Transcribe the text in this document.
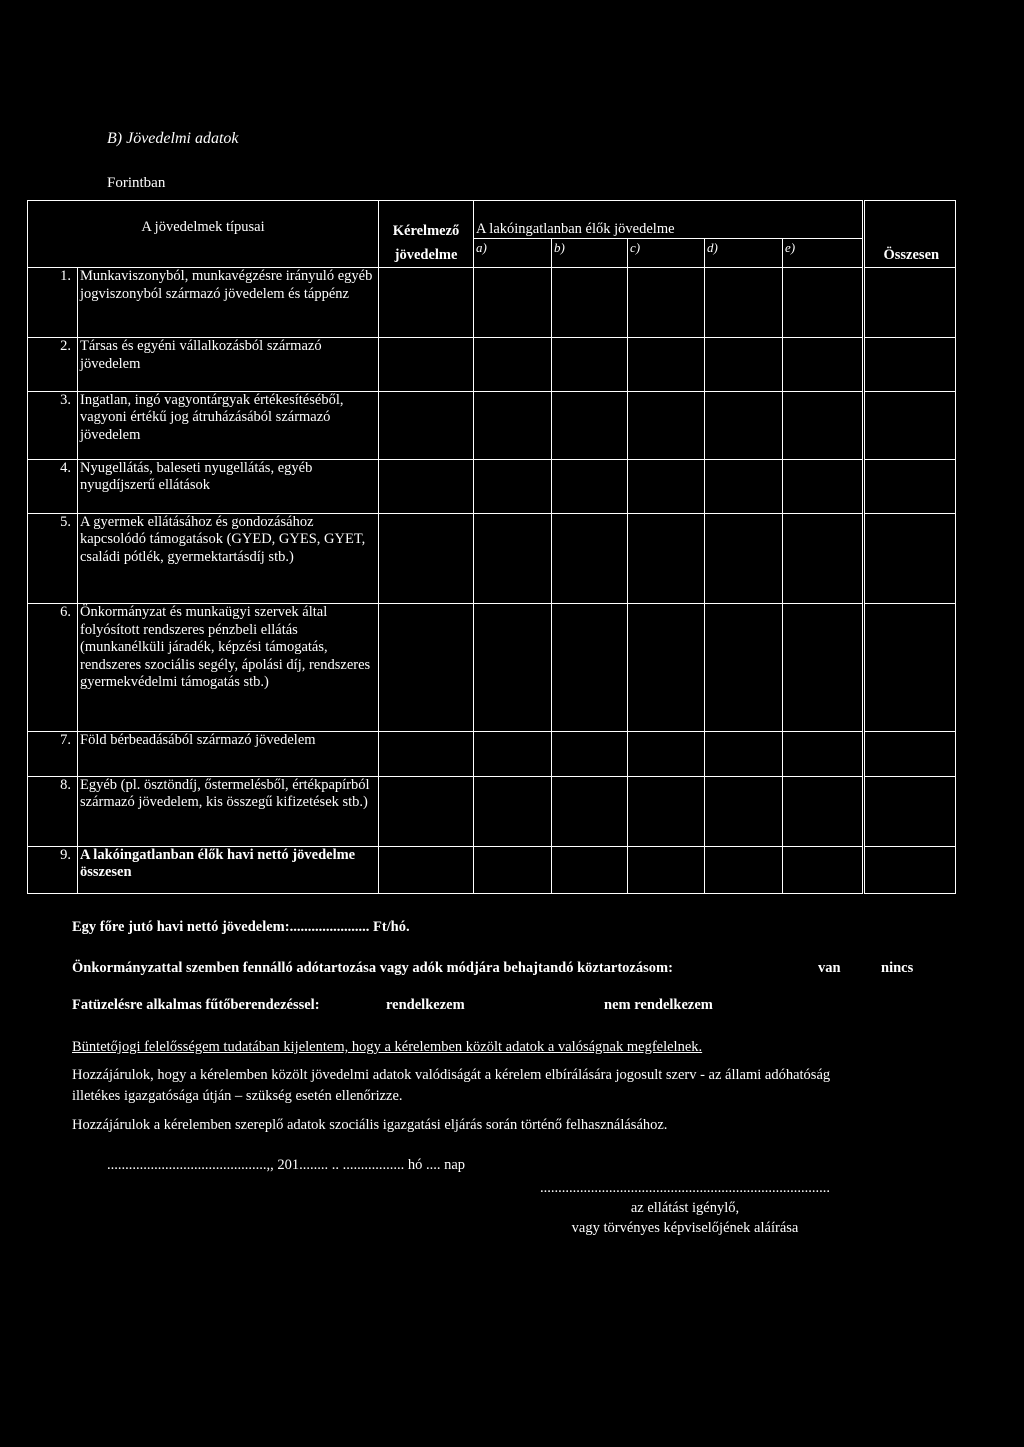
B) Jövedelmi adatok
Forintban
A jövedelmek típusai		Kérelmező
jövedelme	A lakóingatlanban élők jövedelme					Összesen
			a)	b)	c)	d)	e)	
1.	Munkaviszonyból, munkavégzésre irányuló egyéb jogviszonyból származó jövedelem és táppénz							
2.	Társas és egyéni vállalkozásból származó jövedelem							
3.	Ingatlan, ingó vagyontárgyak értékesítéséből, vagyoni értékű jog átruházásából származó jövedelem							
4.	Nyugellátás, baleseti nyugellátás, egyéb nyugdíjszerű ellátások							
5.	A gyermek ellátásához és gondozásához kapcsolódó támogatások (GYED, GYES, GYET, családi pótlék, gyermektartásdíj stb.)							
6.	Önkormányzat és munkaügyi szervek által folyósított rendszeres pénzbeli ellátás (munkanélküli járadék, képzési támogatás, rendszeres szociális segély, ápolási díj, rendszeres gyermekvédelmi támogatás stb.)							
7.	Föld bérbeadásából származó jövedelem							
8.	Egyéb (pl. ösztöndíj, őstermelésből, értékpapírból származó jövedelem, kis összegű kifizetések stb.)							
9.	A lakóingatlanban élők havi nettó jövedelme összesen							
Egy főre jutó havi nettó jövedelem:...................... Ft/hó.
Önkormányzattal szemben fennálló adótartozása vagy adók módjára behajtandó köztartozásom:	van	nincs
Fatüzelésre alkalmas fűtőberendezéssel:	rendelkezem	nem rendelkezem
Büntetőjogi felelősségem tudatában kijelentem, hogy a kérelemben közölt adatok a valóságnak megfelelnek.
Hozzájárulok, hogy a kérelemben közölt jövedelmi adatok valódiságát a kérelem elbírálására jogosult szerv - az állami adóhatóság illetékes igazgatósága útján – szükség esetén ellenőrizze.
Hozzájárulok a kérelemben szereplő adatok szociális igazgatási eljárás során történő felhasználásához.
............................................,, 201........ .. ................. hó .... nap
................................................................................
az ellátást igénylő,
vagy törvényes képviselőjének aláírása
